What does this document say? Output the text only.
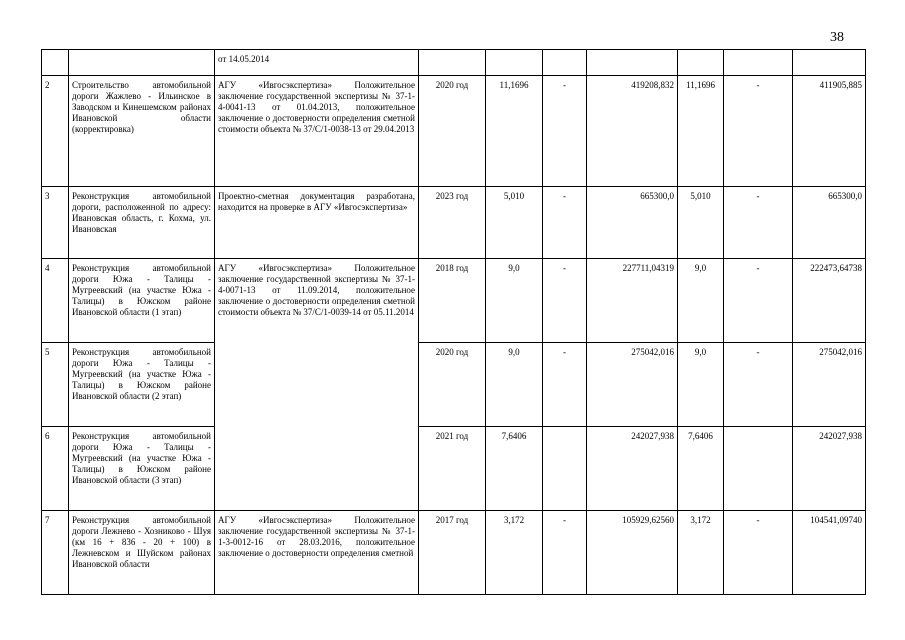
38
		от 14.05.2014							
2	Строительство автомобильной дороги Жажлево - Ильинское в Заводском и Кинешемском районах Ивановской области (корректировка)	АГУ «Ивгосэкспертиза» Положительное заключение государственной экспертизы № 37-1-4-0041-13 от 01.04.2013, положительное заключение о достоверности определения сметной стоимости объекта № 37/С/1-0038-13 от 29.04.2013	2020 год	11,1696	-	419208,832	11,1696	-	411905,885
3	Реконструкция автомобильной дороги, расположенной по адресу: Ивановская область, г. Кохма, ул. Ивановская	Проектно-сметная документация разработана, находится на проверке в АГУ «Ивгосэкспертиза»	2023 год	5,010	-	665300,0	5,010	-	665300,0
4	Реконструкция автомобильной дороги Южа - Талицы - Мугреевский (на участке Южа - Талицы) в Южском районе Ивановской области (1 этап)	АГУ «Ивгосэкспертиза» Положительное заключение государственной экспертизы № 37-1-4-0071-13 от 11.09.2014, положительное заключение о достоверности определения сметной стоимости объекта № 37/С/1-0039-14 от 05.11.2014	2018 год	9,0	-	227711,04319	9,0	-	222473,64738
5	Реконструкция автомобильной дороги Южа - Талицы - Мугреевский (на участке Южа - Талицы) в Южском районе Ивановской области (2 этап)		2020 год	9,0	-	275042,016	9,0	-	275042,016
6	Реконструкция автомобильной дороги Южа - Талицы - Мугреевский (на участке Южа - Талицы) в Южском районе Ивановской области (3 этап)		2021 год	7,6406		242027,938	7,6406		242027,938
7	Реконструкция автомобильной дороги Лежнево - Хозниково - Шуя (км 16 + 836 - 20 + 100) в Лежневском и Шуйском районах Ивановской области	АГУ «Ивгосэкспертиза» Положительное заключение государственной экспертизы № 37-1-1-3-0012-16 от 28.03.2016, положительное заключение о достоверности определения сметной	2017 год	3,172	-	105929,62560	3,172	-	104541,09740
